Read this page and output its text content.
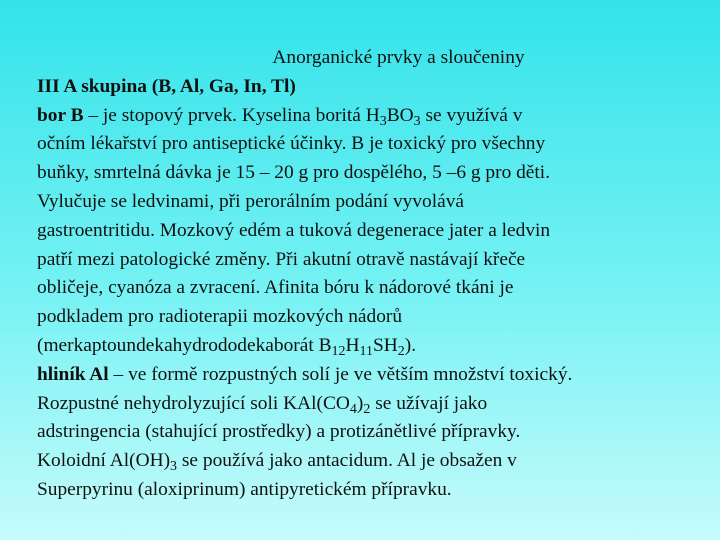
Anorganické prvky a sloučeniny

III A skupina (B, Al, Ga, In, Tl)

bor B – je stopový prvek. Kyselina boritá $H_3BO_3$ se využívá v

očním lékařství pro antiseptické účinky. B je toxický pro všechny

buňky, smrtelná dávka je 15 – 20 g pro dospělého, 5 –6 g pro děti.

Vylučuje se ledvinami, při perorálním podání vyvolává

gastroentritidu. Mozkový edém a tuková degenerace jater a ledvin

patří mezi patologické změny. Při akutní otravě nastávají křeče

obličeje, cyanóza a zvracení. Afinita bóru k nádorové tkáni je

podkladem pro radioterapii mozkových nádorů

(merkaptoundekahydrododekaborát $B_{12}H_{11}SH_2$).

hliník Al – ve formě rozpustných solí je ve větším množství toxický.

Rozpustné nehydrolyzující soli $KAl(CO_4)_2$ se užívají jako

adstringencia (stahující prostředky) a protizánětlivé přípravky.

Koloidní $Al(OH)_3$ se používá jako antacidum. Al je obsažen v

Superpyrinu (aloxiprinum) antipyretickém přípravku.
